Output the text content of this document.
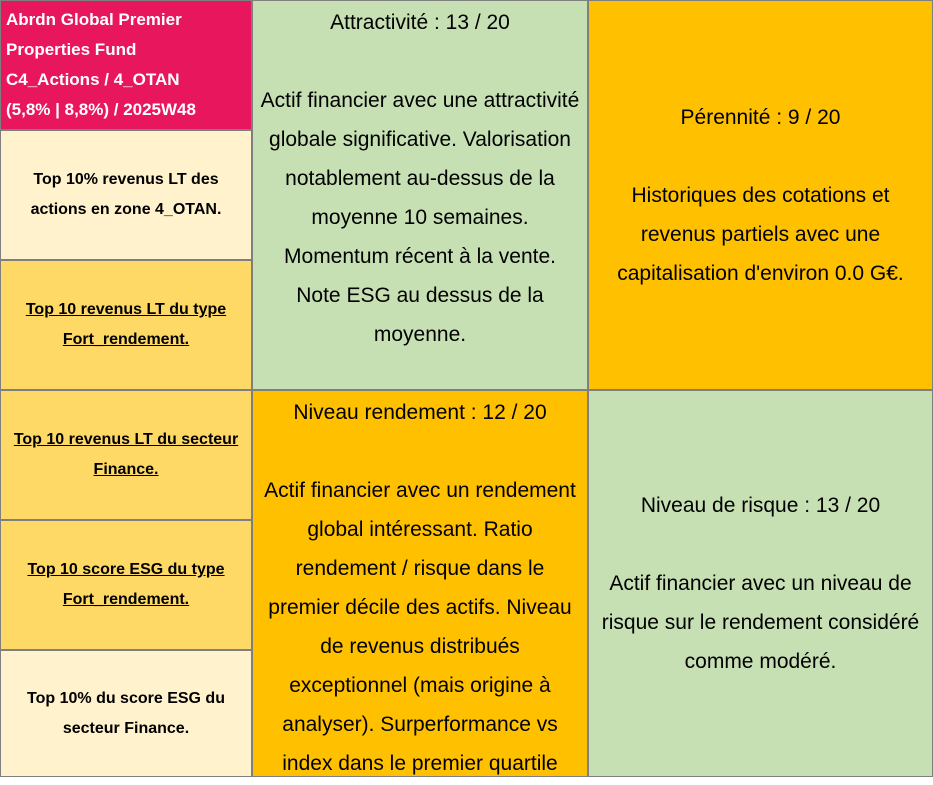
Abrdn Global Premier
Properties Fund
C4_Actions / 4_OTAN
(5,8% | 8,8%) / 2025W48
Top 10% revenus LT des actions en zone 4_OTAN.
Top 10 revenus LT du type Fort_rendement.
Top 10 revenus LT du secteur Finance.
Top 10 score ESG du type Fort_rendement.
Top 10% du score ESG du secteur Finance.

Attractivité : 13 / 20

Actif financier avec une attractivité globale significative. Valorisation notablement au-dessus de la moyenne 10 semaines. Momentum récent à la vente. Note ESG au dessus de la moyenne.

Pérennité : 9 / 20

Historiques des cotations et revenus partiels avec une capitalisation d'environ 0.0 G€.

Niveau rendement : 12 / 20

Actif financier avec un rendement global intéressant. Ratio rendement / risque dans le premier décile des actifs. Niveau de revenus distribués exceptionnel (mais origine à analyser). Surperformance vs index dans le premier quartile

Niveau de risque : 13 / 20

Actif financier avec un niveau de risque sur le rendement considéré comme modéré.
